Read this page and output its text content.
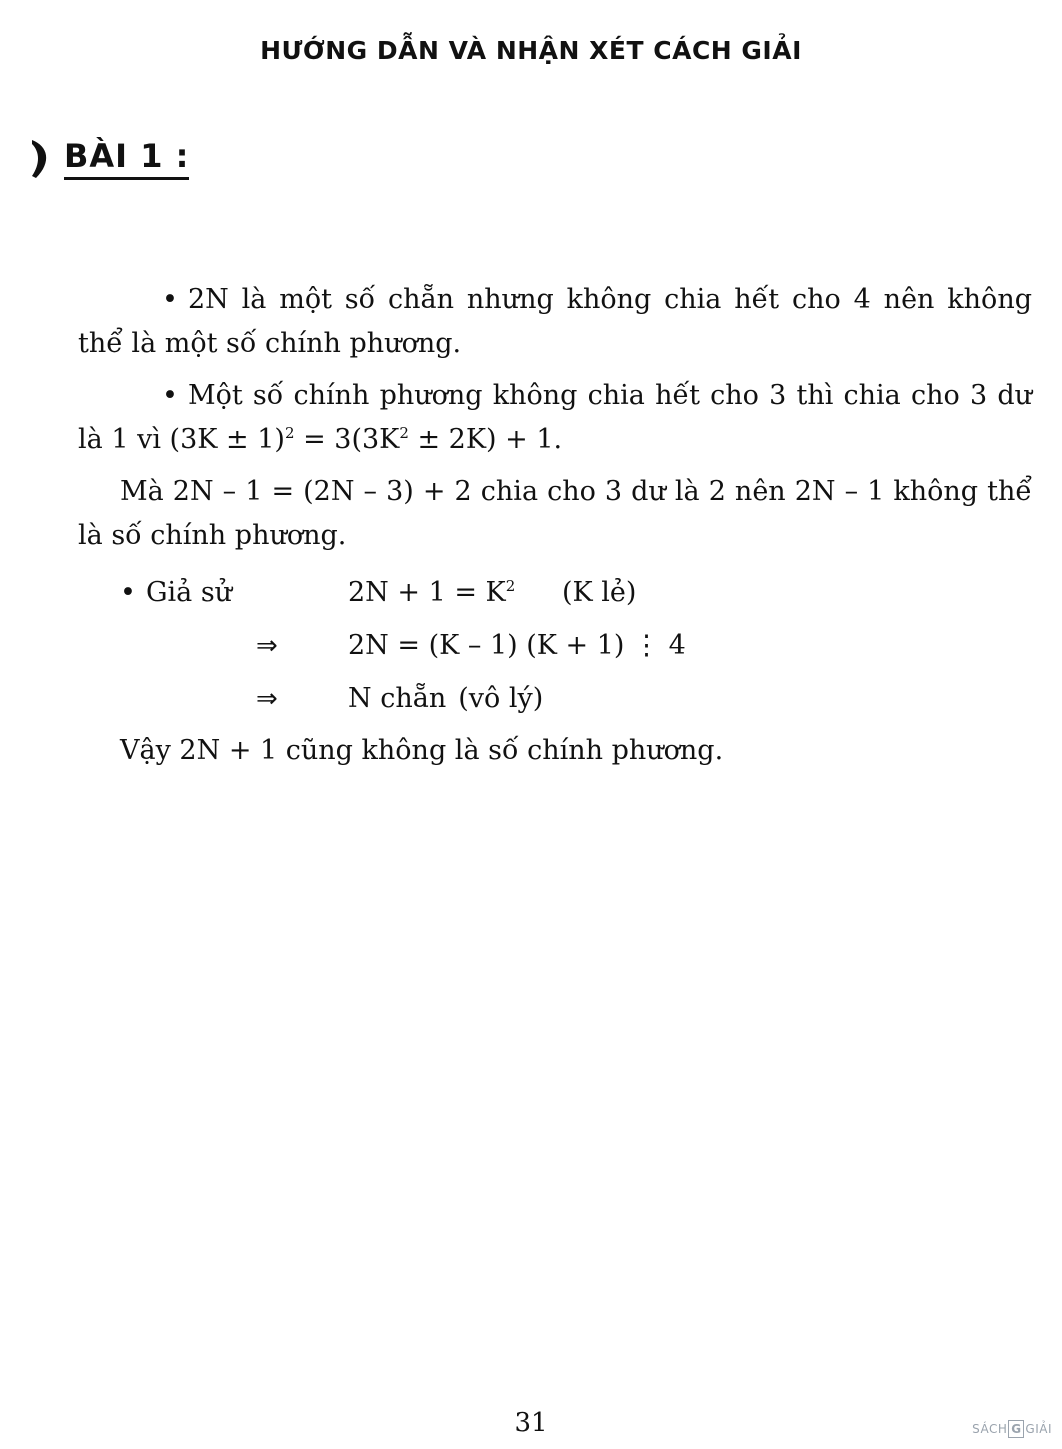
HƯỚNG DẪN VÀ NHẬN XÉT CÁCH GIẢI
BÀI 1 :

• 2N là một số chẵn nhưng không chia hết cho 4 nên không thể là một số chính phương.

• Một số chính phương không chia hết cho 3 thì chia cho 3 dư là 1 vì $(3K \pm 1)^2 = 3(3K^2 \pm 2K) + 1$.

Mà 2N – 1 = (2N – 3) + 2 chia cho 3 dư là 2 nên 2N – 1 không thể là số chính phương.

• Giả sử	$2N + 1 = K^2$	(K lẻ)
⇒	2N = (K – 1) (K + 1) ⋮ 4
⇒	N chẵn (vô lý)
Vậy 2N + 1 cũng không là số chính phương.
31	SÁCH G GIẢI
